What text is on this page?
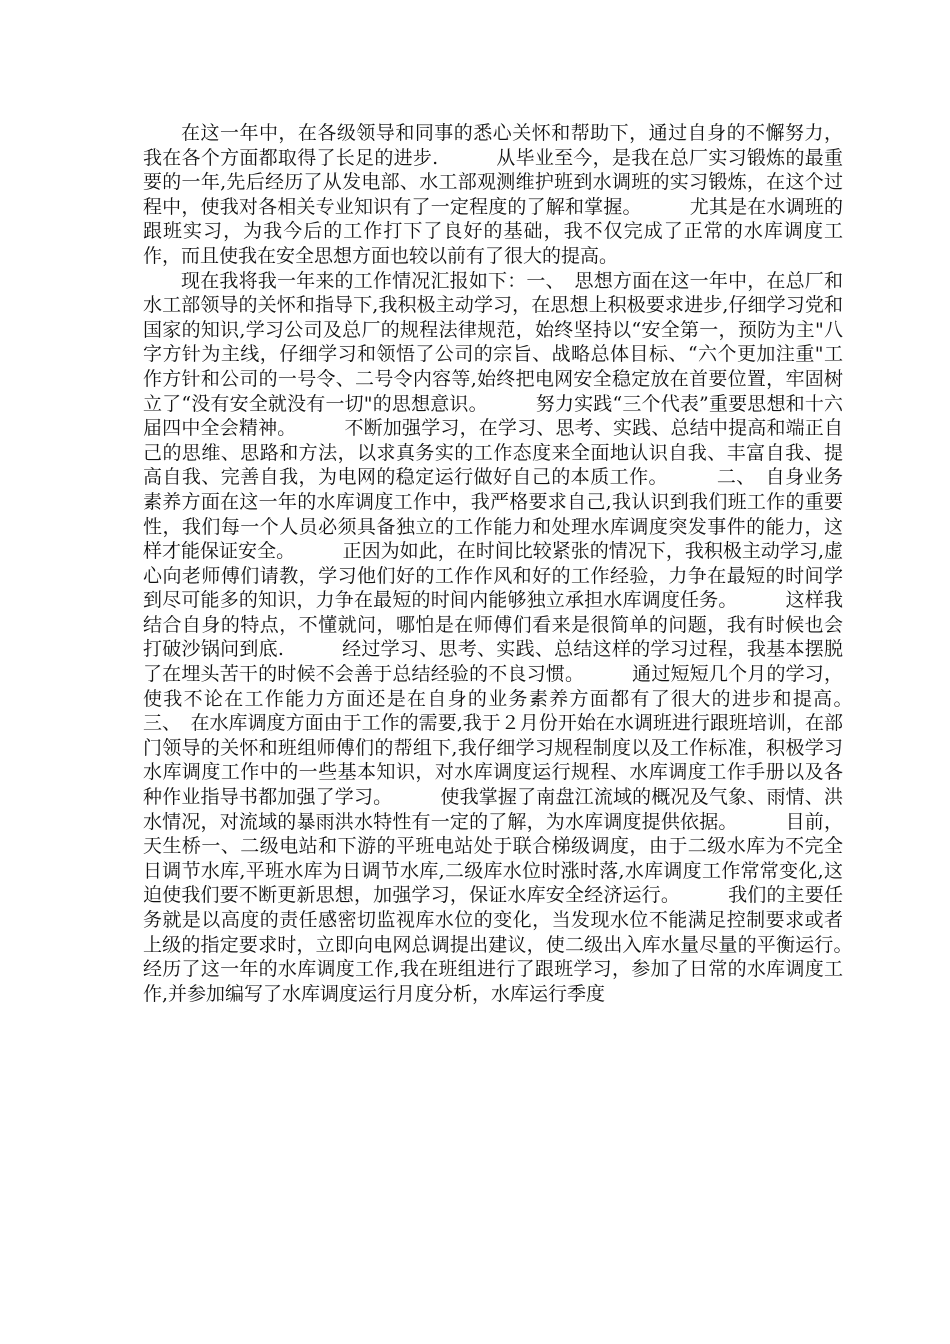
在这一年中，在各级领导和同事的悉心关怀和帮助下，通过自身的不懈努力，我在各个方面都取得了长足的进步.　　　从毕业至今，是我在总厂实习锻炼的最重要的一年,先后经历了从发电部、水工部观测维护班到水调班的实习锻炼，在这个过程中，使我对各相关专业知识有了一定程度的了解和掌握。　　　尤其是在水调班的跟班实习，为我今后的工作打下了良好的基础，我不仅完成了正常的水库调度工作，而且使我在安全思想方面也较以前有了很大的提高。

现在我将我一年来的工作情况汇报如下：一、　思想方面在这一年中，在总厂和水工部领导的关怀和指导下,我积极主动学习，在思想上积极要求进步,仔细学习党和国家的知识,学习公司及总厂的规程法律规范，始终坚持以“安全第一，预防为主"八字方针为主线，仔细学习和领悟了公司的宗旨、战略总体目标、“六个更加注重"工作方针和公司的一号令、二号令内容等,始终把电网安全稳定放在首要位置，牢固树立了“没有安全就没有一切"的思想意识。　　　努力实践“三个代表”重要思想和十六届四中全会精神。　　　不断加强学习，在学习、思考、实践、总结中提高和端正自己的思维、思路和方法，以求真务实的工作态度来全面地认识自我、丰富自我、提高自我、完善自我，为电网的稳定运行做好自己的本质工作。　　　二、　自身业务素养方面在这一年的水库调度工作中，我严格要求自己,我认识到我们班工作的重要性，我们每一个人员必须具备独立的工作能力和处理水库调度突发事件的能力，这样才能保证安全。　　　正因为如此，在时间比较紧张的情况下，我积极主动学习,虚心向老师傅们请教，学习他们好的工作作风和好的工作经验，力争在最短的时间学到尽可能多的知识，力争在最短的时间内能够独立承担水库调度任务。　　　这样我结合自身的特点，不懂就问，哪怕是在师傅们看来是很简单的问题，我有时候也会打破沙锅问到底.　　　经过学习、思考、实践、总结这样的学习过程，我基本摆脱了在埋头苦干的时候不会善于总结经验的不良习惯。　　　通过短短几个月的学习，使我不论在工作能力方面还是在自身的业务素养方面都有了很大的进步和提高。　　　三、　在水库调度方面由于工作的需要,我于２月份开始在水调班进行跟班培训，在部门领导的关怀和班组师傅们的帮组下,我仔细学习规程制度以及工作标准，积极学习水库调度工作中的一些基本知识，对水库调度运行规程、水库调度工作手册以及各种作业指导书都加强了学习。　　　使我掌握了南盘江流域的概况及气象、雨情、洪水情况，对流域的暴雨洪水特性有一定的了解，为水库调度提供依据。　　　目前，天生桥一、二级电站和下游的平班电站处于联合梯级调度，由于二级水库为不完全日调节水库,平班水库为日调节水库,二级库水位时涨时落,水库调度工作常常变化,这迫使我们要不断更新思想，加强学习，保证水库安全经济运行。　　　我们的主要任务就是以高度的责任感密切监视库水位的变化，当发现水位不能满足控制要求或者上级的指定要求时，立即向电网总调提出建议，使二级出入库水量尽量的平衡运行。　　　经历了这一年的水库调度工作,我在班组进行了跟班学习，参加了日常的水库调度工作,并参加编写了水库调度运行月度分析，水库运行季度
